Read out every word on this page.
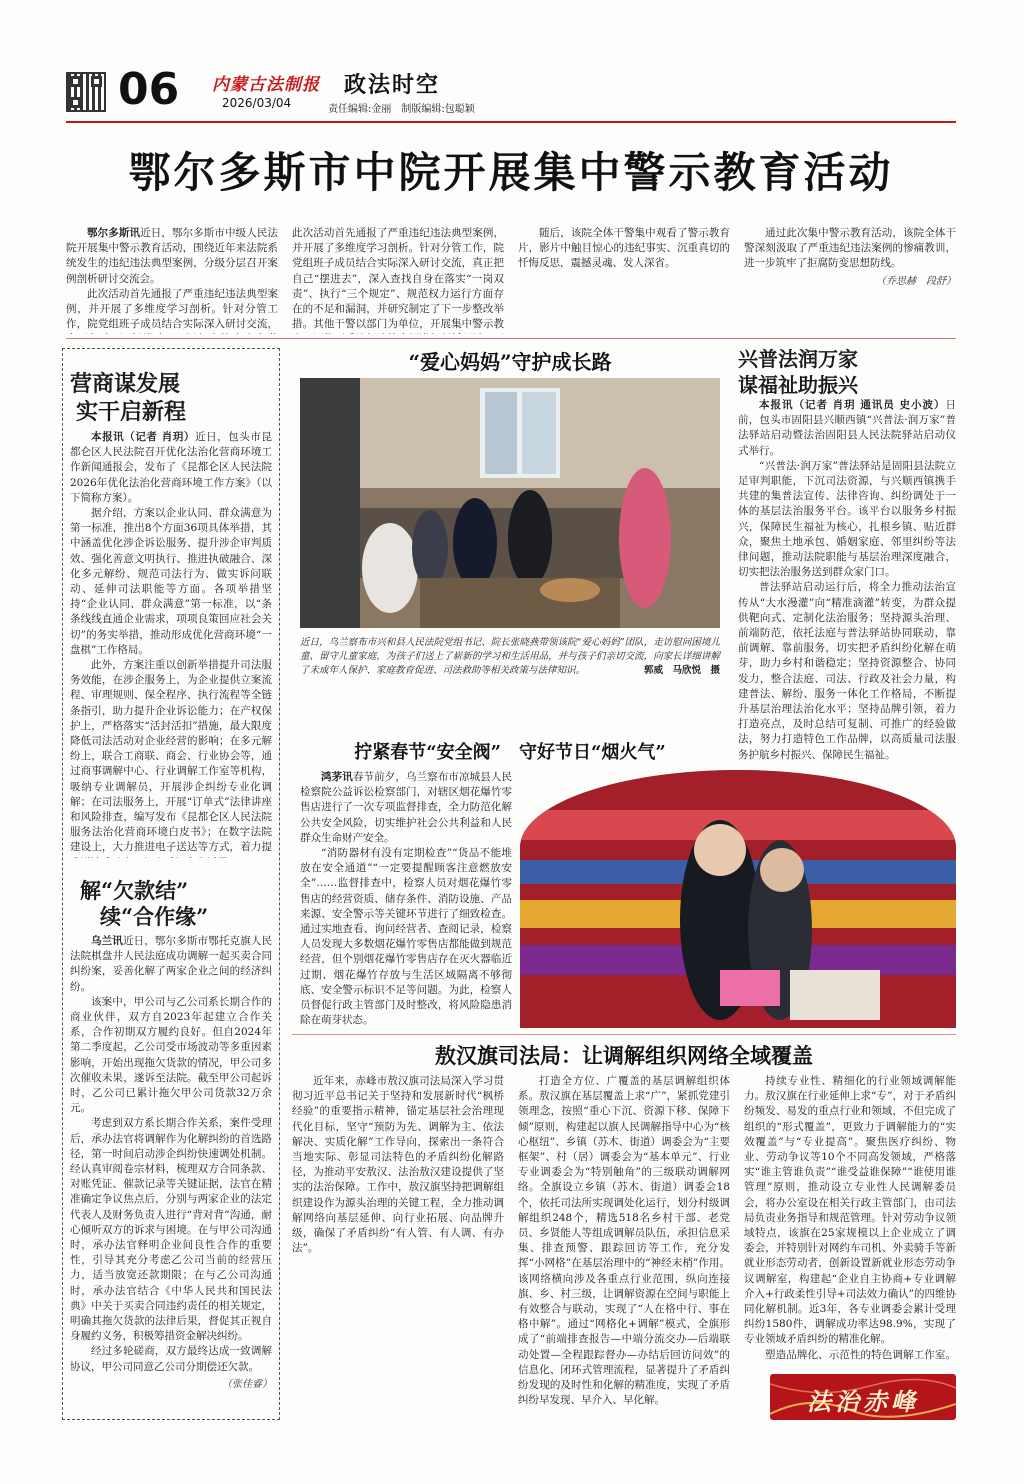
06 内蒙古法制报
2026/03/04
政法时空
责任编辑:金丽　制版编辑:包聪颖
鄂尔多斯市中院开展集中警示教育活动

鄂尔多斯讯近日，鄂尔多斯市中级人民法院开展集中警示教育活动，围绕近年来法院系统发生的违纪违法典型案例，分级分层召开案例剖析研讨交流会。

此次活动首先通报了严重违纪违法典型案例，并开展了多维度学习剖析。针对分管工作，院党组班子成员结合实际深入研讨交流，

此次活动首先通报了严重违纪违法典型案例，并开展了多维度学习剖析。针对分管工作，院党组班子成员结合实际深入研讨交流，真正把自己“摆进去”，深入查找自身在落实“一岗双责”、执行“三个规定”、规范权力运行方面存在的不足和漏洞，并研究制定了下一步整改举措。其他干警以部门为单位，开展集中警示教

随后，该院全体干警集中观看了警示教育片，影片中触目惊心的违纪事实、沉重真切的忏悔反思，震撼灵魂、发人深省。

通过此次集中警示教育活动，该院全体干警深刻汲取了严重违纪违法案例的惨痛教训，进一步筑牢了拒腐防变思想防线。

（乔思赫　段舒）
营商谋发展
实干启新程

本报讯（记者 肖玥）近日，包头市昆都仑区人民法院召开优化法治化营商环境工作新闻通报会，发布了《昆都仑区人民法院2026年优化法治化营商环境工作方案》（以下简称方案）。

据介绍，方案以企业认同、群众满意为第一标准，推出8个方面36项具体举措，其中涵盖优化涉企诉讼服务、提升涉企审判质效、强化善意文明执行、推进执破融合、深化多元解纷、规范司法行为、做实诉问联动、延伸司法职能等方面。各项举措坚持“企业认同、群众满意”第一标准，以“条条线线直通企业需求，项项良策回应社会关切”的务实举措，推动形成优化营商环境“一盘棋”工作格局。

此外，方案注重以创新举措提升司法服务效能，在涉企服务上，为企业提供立案流程、审理规则、保全程序、执行流程等全链条指引，助力提升企业诉讼能力；在产权保护上，严格落实“活封活扣”措施，最大限度降低司法活动对企业经营的影响；在多元解纷上，联合工商联、商会、行业协会等，通过商事调解中心、行业调解工作室等机构，吸纳专业调解员，开展涉企纠纷专业化调解；在司法服务上，开展“订单式”法律讲座和风险排查，编写发布《昆都仑区人民法院服务法治化营商环境白皮书》；在数字法院建设上，大力推进电子送达等方式，着力提

解“欠款结”
续“合作缘”

乌兰讯近日，鄂尔多斯市鄂托克旗人民法院棋盘井人民法庭成功调解一起买卖合同纠纷案，妥善化解了两家企业之间的经济纠纷。

该案中，甲公司与乙公司系长期合作的商业伙伴，双方自2023年起建立合作关系，合作初期双方履约良好。但自2024年第二季度起，乙公司受市场波动等多重因素影响，开始出现拖欠货款的情况，甲公司多次催收未果，遂诉至法院。截至甲公司起诉时，乙公司已累计拖欠甲公司货款32万余元。

考虑到双方系长期合作关系，案件受理后，承办法官将调解作为化解纠纷的首选路径，第一时间启动涉企纠纷快速调处机制。经认真审阅卷宗材料，梳理双方合同条款、对账凭证、催款记录等关键证据，法官在精准确定争议焦点后，分别与两家企业的法定代表人及财务负责人进行“背对背”沟通，耐心倾听双方的诉求与困境。在与甲公司沟通时，承办法官释明企业间良性合作的重要性，引导其充分考虑乙公司当前的经营压力，适当放宽还款期限；在与乙公司沟通时，承办法官结合《中华人民共和国民法典》中关于买卖合同违约责任的相关规定，明确其拖欠货款的法律后果，督促其正视自身履约义务，积极筹措资金解决纠纷。

经过多轮磋商，双方最终达成一致调解协议，甲公司同意乙公司分期偿还欠款。

（张佳睿）
“爱心妈妈”守护成长路
近日，乌兰察布市兴和县人民法院党组书记、院长张晓燕带领该院“爱心妈妈”团队，走访慰问困境儿童、留守儿童家庭，为孩子们送上了崭新的学习和生活用品，并与孩子们亲切交流，向家长详细讲解了未成年人保护、家庭教育促进、司法救助等相关政策与法律知识。	郭威　马欣悦　摄
兴普法润万家
谋福祉助振兴

本报讯（记者 肖玥 通讯员 史小波）日前，包头市固阳县兴顺西镇“兴普法·润万家”普法驿站启动暨法治固阳县人民法院驿站启动仪式举行。

“兴普法·润万家”普法驿站是固阳县法院立足审判职能，下沉司法资源，与兴顺西镇携手共建的集普法宣传、法律咨询、纠纷调处于一体的基层法治服务平台。该平台以服务乡村振兴，保障民生福祉为核心，扎根乡镇、贴近群众，聚焦土地承包、婚姻家庭、邻里纠纷等法律问题，推动法院职能与基层治理深度融合，切实把法治服务送到群众家门口。

普法驿站启动运行后，将全力推动法治宣传从“大水漫灌”向“精准滴灌”转变，为群众提供靶向式、定制化法治服务；坚持源头治理、前端防范，依托法庭与普法驿站协同联动，靠前调解、靠前服务，切实把矛盾纠纷化解在萌芽，助力乡村和谐稳定；坚持资源整合、协同发力，整合法庭、司法、行政及社会力量，构建普法、解纷、服务一体化工作格局，不断提升基层治理法治化水平；坚持品牌引领，着力打造亮点，及时总结可复制、可推广的经验做法，努力打造特色工作品牌，以高质量司法服务护航乡村振兴、保障民生福祉。

拧紧春节“安全阀”　守好节日“烟火气”

鸿茅讯春节前夕，乌兰察布市凉城县人民检察院公益诉讼检察部门，对辖区烟花爆竹零售店进行了一次专项监督排查，全力防范化解公共安全风险，切实维护社会公共利益和人民群众生命财产安全。

“消防器材有没有定期检查”“货品不能堆放在安全通道”“一定要提醒顾客注意燃放安全”……监督排查中，检察人员对烟花爆竹零售店的经营资质、储存条件、消防设施、产品来源、安全警示等关键环节进行了细致检查。通过实地查看、询问经营者、查阅记录，检察人员发现大多数烟花爆竹零售店都能做到规范经营，但个别烟花爆竹零售店存在灭火器临近过期、烟花爆竹存放与生活区域隔离不够彻底、安全警示标识不足等问题。为此，检察人员督促行政主管部门及时整改，将风险隐患消除在萌芽状态。

敖汉旗司法局：让调解组织网络全域覆盖

近年来，赤峰市敖汉旗司法局深入学习贯彻习近平总书记关于坚持和发展新时代“枫桥经验”的重要指示精神，锚定基层社会治理现代化目标，坚守“预防为先、调解为主、依法解决、实质化解”工作导向，探索出一条符合当地实际、彰显司法特色的矛盾纠纷化解路径，为推动平安敖汉、法治敖汉建设提供了坚实的法治保障。工作中，敖汉旗坚持把调解组织建设作为源头治理的关键工程，全力推动调解网络向基层延伸、向行业拓展、向品牌升级，确保了矛盾纠纷“有人管、有人调、有办法”。

打造全方位、广覆盖的基层调解组织体系。敖汉旗在基层覆盖上求“广”，紧抓党建引领理念，按照“重心下沉、资源下移、保障下倾”原则，构建起以旗人民调解指导中心为“核心枢纽”、乡镇（苏木、街道）调委会为“主要框架”、村（居）调委会为“基本单元”、行业专业调委会为“特别触角”的三级联动调解网络。全旗设立乡镇（苏木、街道）调委会18个，依托司法所实现调处化运行，划分村级调解组织248个，精选518名乡村干部、老党员、乡贤能人等组成调解员队伍，承担信息采集、排查预警、跟踪回访等工作，充分发挥“小网格”在基层治理中的“神经末梢”作用。该网络横向涉及各重点行业范围，纵向连接旗、乡、村三级，让调解资源在空间与职能上有效整合与联动，实现了“人在格中行、事在格中解”。通过“网格化+调解”模式，全旗形成了“前端排查报告—中端分流交办—后端联动处置—全程跟踪督办—办结后回访问效”的信息化、闭环式管理流程，显著提升了矛盾纠纷发现的及时性和化解的精准度，实现了矛盾纠纷早发现、早介入、早化解。

持续专业性、精细化的行业领域调解能力。敖汉旗在行业延伸上求“专”，对于矛盾纠纷频发、易发的重点行业和领域，不但完成了组织的“形式覆盖”，更致力于调解能力的“实效覆盖”与“专业提高”。聚焦医疗纠纷、物业、劳动争议等10个不同高发领域，严格落实“谁主管谁负责”“谁受益谁保障”“谁使用谁管理”原则，推动设立专业性人民调解委员会，将办公室设在相关行政主管部门，由司法局负责业务指导和规范管理。针对劳动争议领域特点，该旗在25家规模以上企业成立了调委会，并特别针对网约车司机、外卖骑手等新就业形态劳动者，创新设置新就业形态劳动争议调解室，构建起“企业自主协商+专业调解介入+行政柔性引导+司法效力确认”的四维协同化解机制。近3年，各专业调委会累计受理纠纷1580件，调解成功率达98.9%，实现了专业领域矛盾纠纷的精准化解。

塑造品牌化、示范性的特色调解工作室。

法治赤峰
